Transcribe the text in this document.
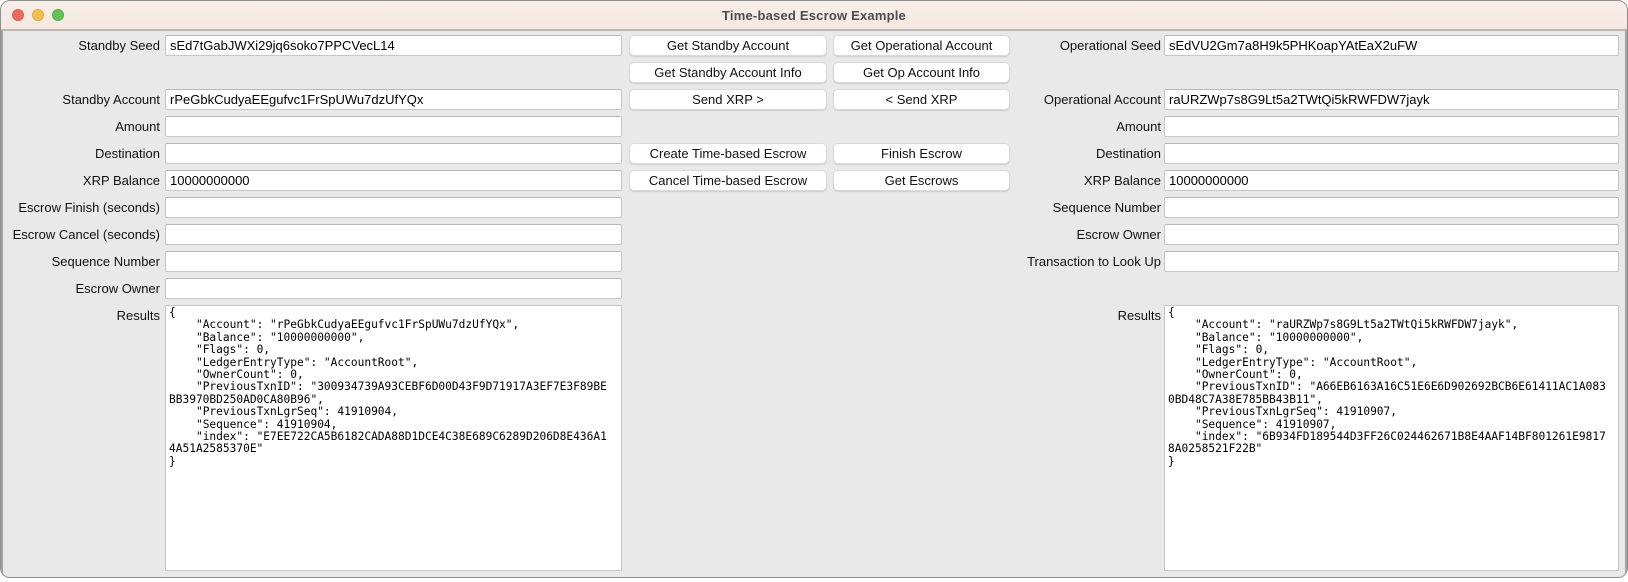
Time-based Escrow Example
Standby Seed
Standby Account
Amount
Destination
XRP Balance
Escrow Finish (seconds)
Escrow Cancel (seconds)
Sequence Number
Escrow Owner
Results
sEd7tGabJWXi29jq6soko7PPCVecL14
rPeGbkCudyaEEgufvc1FrSpUWu7dzUfYQx
10000000000
{ "Account": "rPeGbkCudyaEEgufvc1FrSpUWu7dzUfYQx", "Balance": "10000000000", "Flags": 0, "LedgerEntryType": "AccountRoot", "OwnerCount": 0, "PreviousTxnID": "300934739A93CEBF6D00D43F9D71917A3EF7E3F89BE BB3970BD250AD0CA80B96", "PreviousTxnLgrSeq": 41910904, "Sequence": 41910904, "index": "E7EE722CA5B6182CADA88D1DCE4C38E689C6289D206D8E436A1 4A51A2585370E" }
Get Standby Account
Get Standby Account Info
Send XRP >
Create Time-based Escrow
Cancel Time-based Escrow
Get Operational Account
Get Op Account Info
< Send XRP
Finish Escrow
Get Escrows
Operational Seed
Operational Account
Amount
Destination
XRP Balance
Sequence Number
Escrow Owner
Transaction to Look Up
Results
sEdVU2Gm7a8H9k5PHKoapYAtEaX2uFW
raURZWp7s8G9Lt5a2TWtQi5kRWFDW7jayk
10000000000
{ "Account": "raURZWp7s8G9Lt5a2TWtQi5kRWFDW7jayk", "Balance": "10000000000", "Flags": 0, "LedgerEntryType": "AccountRoot", "OwnerCount": 0, "PreviousTxnID": "A66EB6163A16C51E6E6D902692BCB6E61411AC1A083 0BD48C7A38E785BB43B11", "PreviousTxnLgrSeq": 41910907, "Sequence": 41910907, "index": "6B934FD189544D3FF26C024462671B8E4AAF14BF801261E9817 8A0258521F22B" }
